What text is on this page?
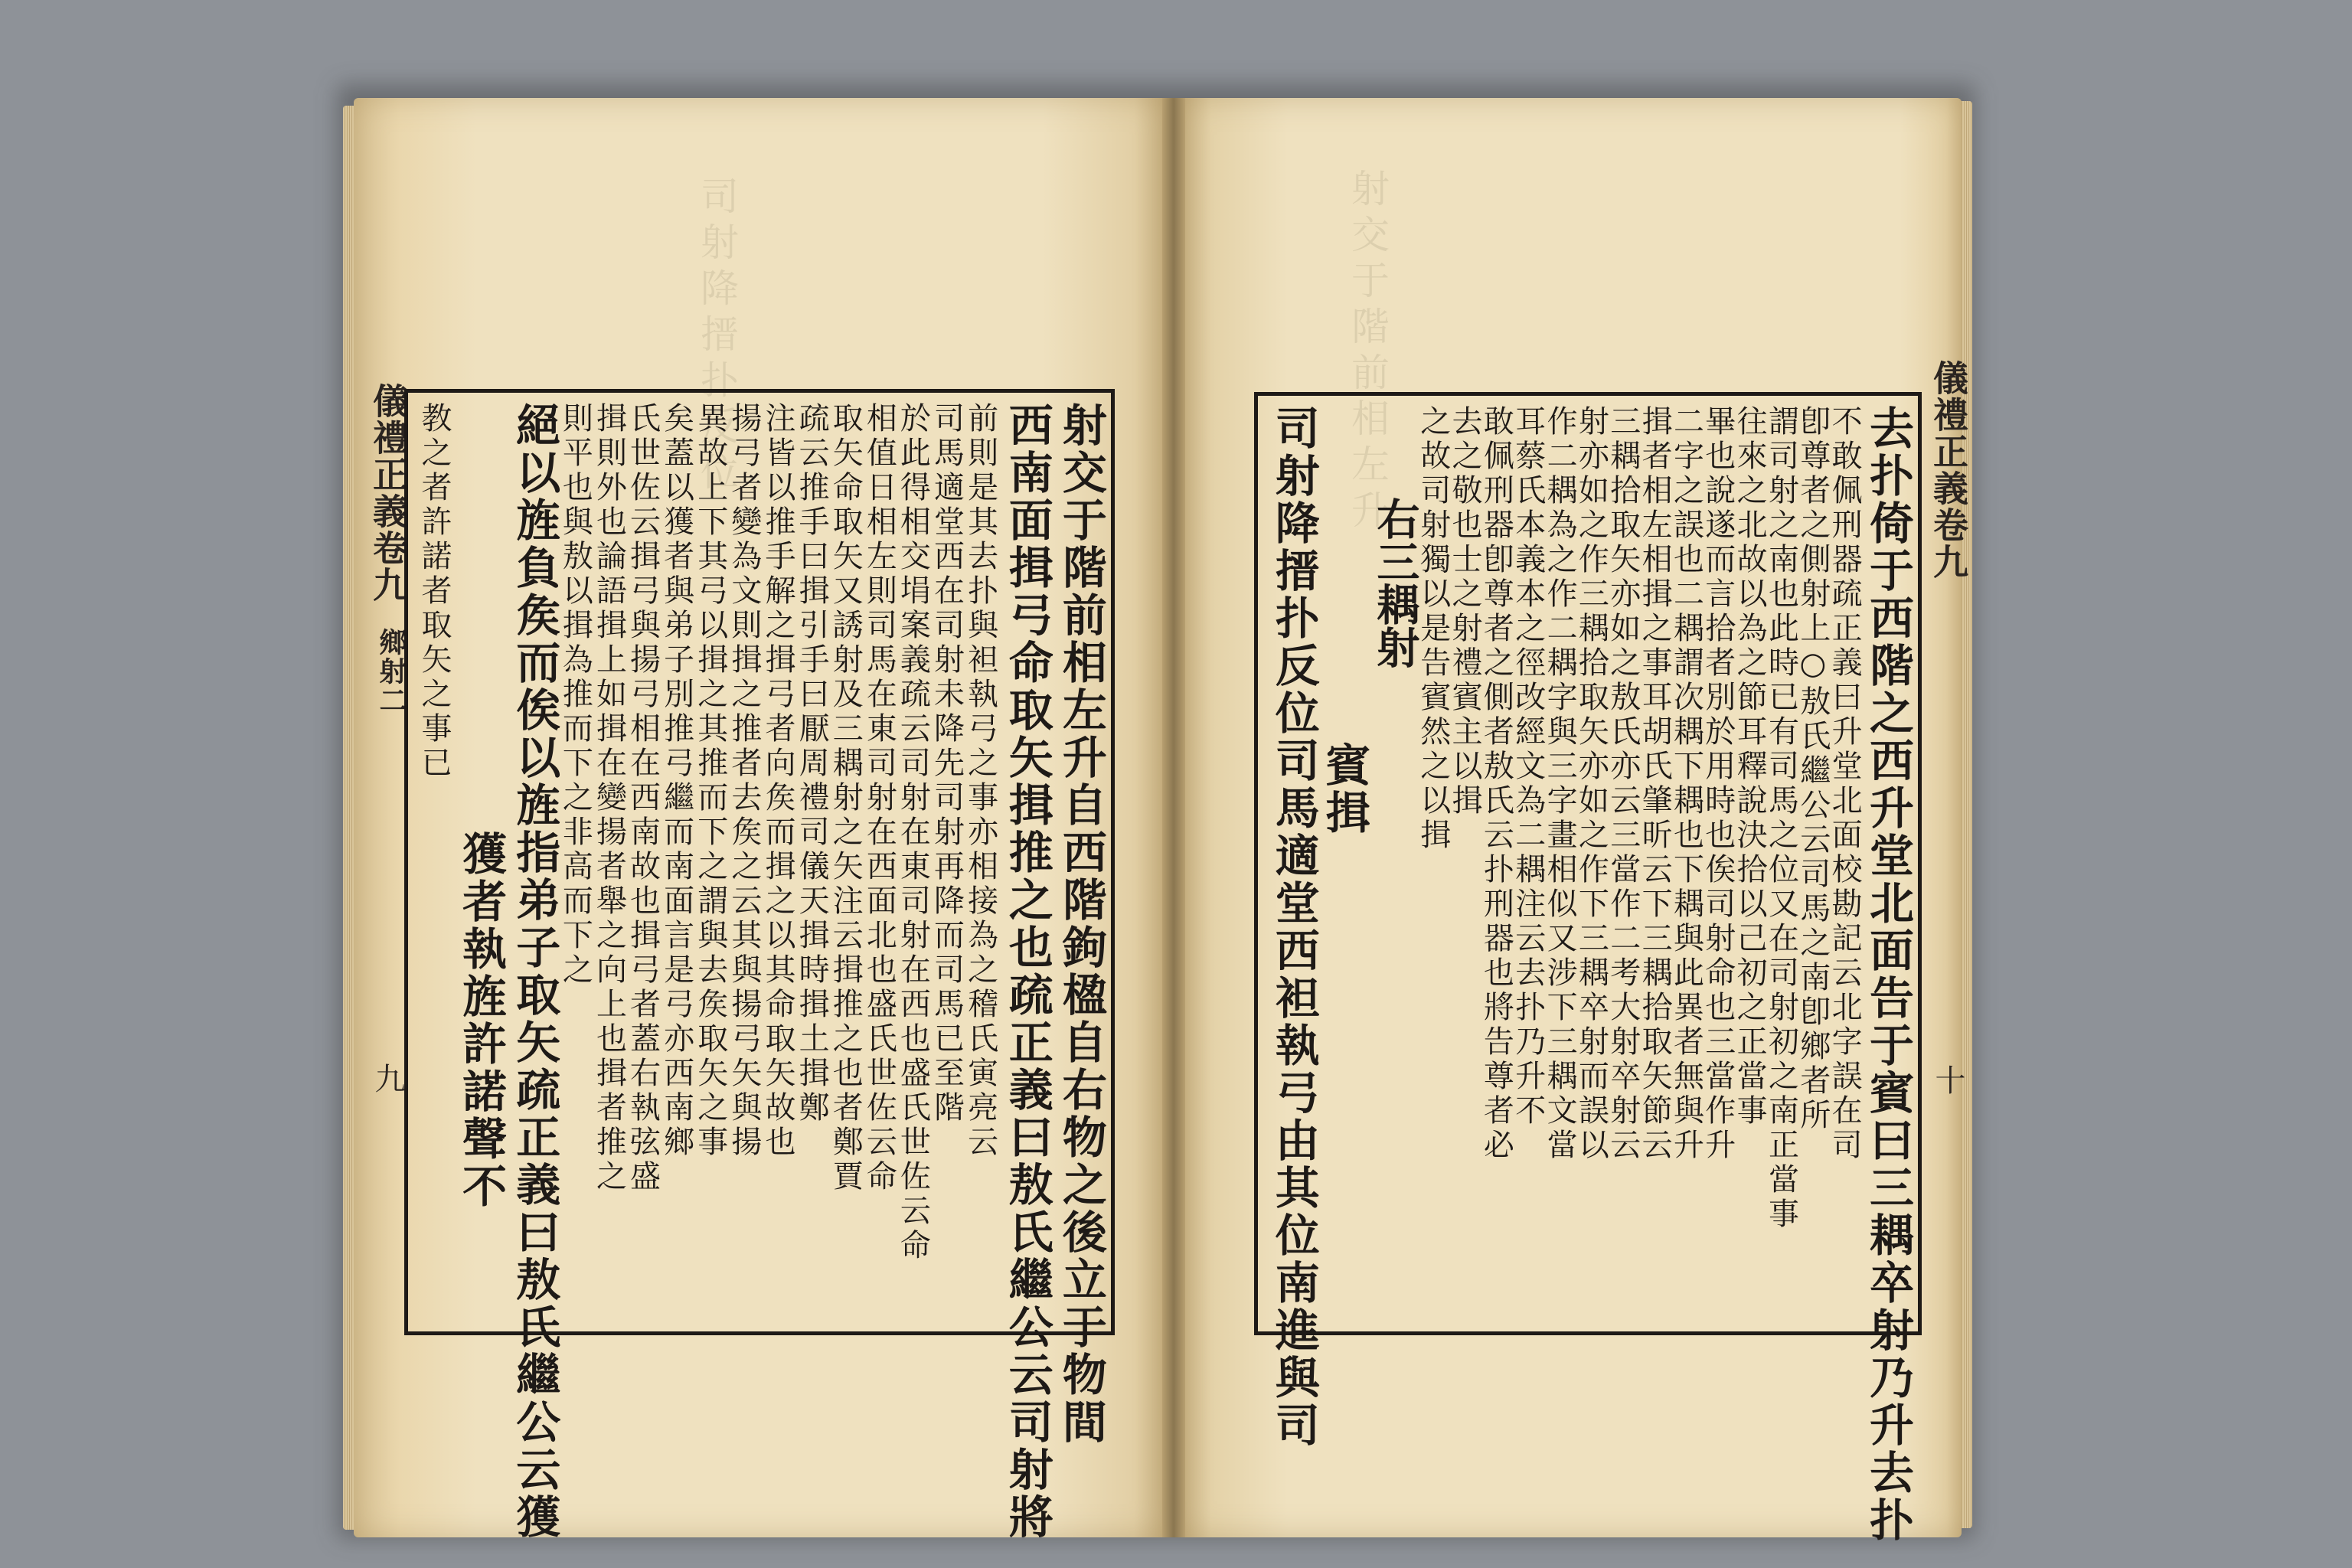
射交于階前相左升
司射降搢扑反位
儀禮正義卷九
鄉射二
九
儀禮正義卷九
十
射交于階前相左升自西階鉤楹自右物之後立于物間
西南面揖弓命取矢揖推之也疏正義曰敖氏繼公云司射將
前則是其去扑與袒執弓之事亦相接為之稽氏寅亮云
司馬適堂西在司射未降先司射再降而司馬已至階
於此得相交埍案義疏云司射在東司射在西也盛氏世佐云命
相值日相左則司馬在東司射在西面北也盛氏世佐云命
取矢命取矢又誘射及三耦射之矢注云揖推之也者鄭賈
疏云推手曰揖引手曰厭周禮司儀天揖時揖土揖鄭
注皆以推手解之揖弓者向矦而揖之以其命取矢故也
揚弓者變為文則揖之推者去矦之云其與揚弓矢與揚
異故上下其弓以揖之其推而下之謂與去矦取矢之事
矣蓋以獲者與弟子別推弓繼而南面言是弓亦西南鄉
氏世佐云揖弓與揚弓相在西南故也揖弓者蓋右執弦盛
揖則外也論語揖上如揖在變揚者舉之向上也揖者推之
則平也與敖以揖為推而下之非高而下之
絕以旌負矦而俟以旌指弟子取矢疏正義曰敖氏繼公云獲
獲者執旌許諾聲不
教之者許諾者取矢之事已	去扑倚于西階之西升堂北面告于賓曰三耦卒射乃升去扑
不敢佩刑器疏正義曰升堂北面校勘記云北字誤在司
卽尊者之側射上○敖氏繼公云司馬之南卽鄉者所
謂司射之南也此時已有司馬之位又在司射初之南正當事
往來之北故以為之節耳釋說決拾以己初之正當事
畢也說遂而言拾者別於用時也俟司射命也三當作升
二字之誤也二耦謂次耦下耦也下耦與此異者無與升
揖者相左相揖之事耳胡氏肇昕云下三耦拾取矢節云
三耦拾取矢亦如之敖氏亦云三當作二考大射卒射云
射亦如之作三耦拾取矢亦如之作下三耦卒射而誤以
作二耦為之作二耦字與三字畫相似又涉下三耦文當
耳蔡氏本義本之徑改經文為二耦注云去扑乃升不
敢佩刑器卽尊者之側者敖氏云扑刑器也將告尊者必
去之敬也士之射禮賓主以揖
之故司射獨以是告賓然之以揖
右三耦射
賓揖
司射降搢扑反位司馬適堂西袒執弓由其位南進與司
